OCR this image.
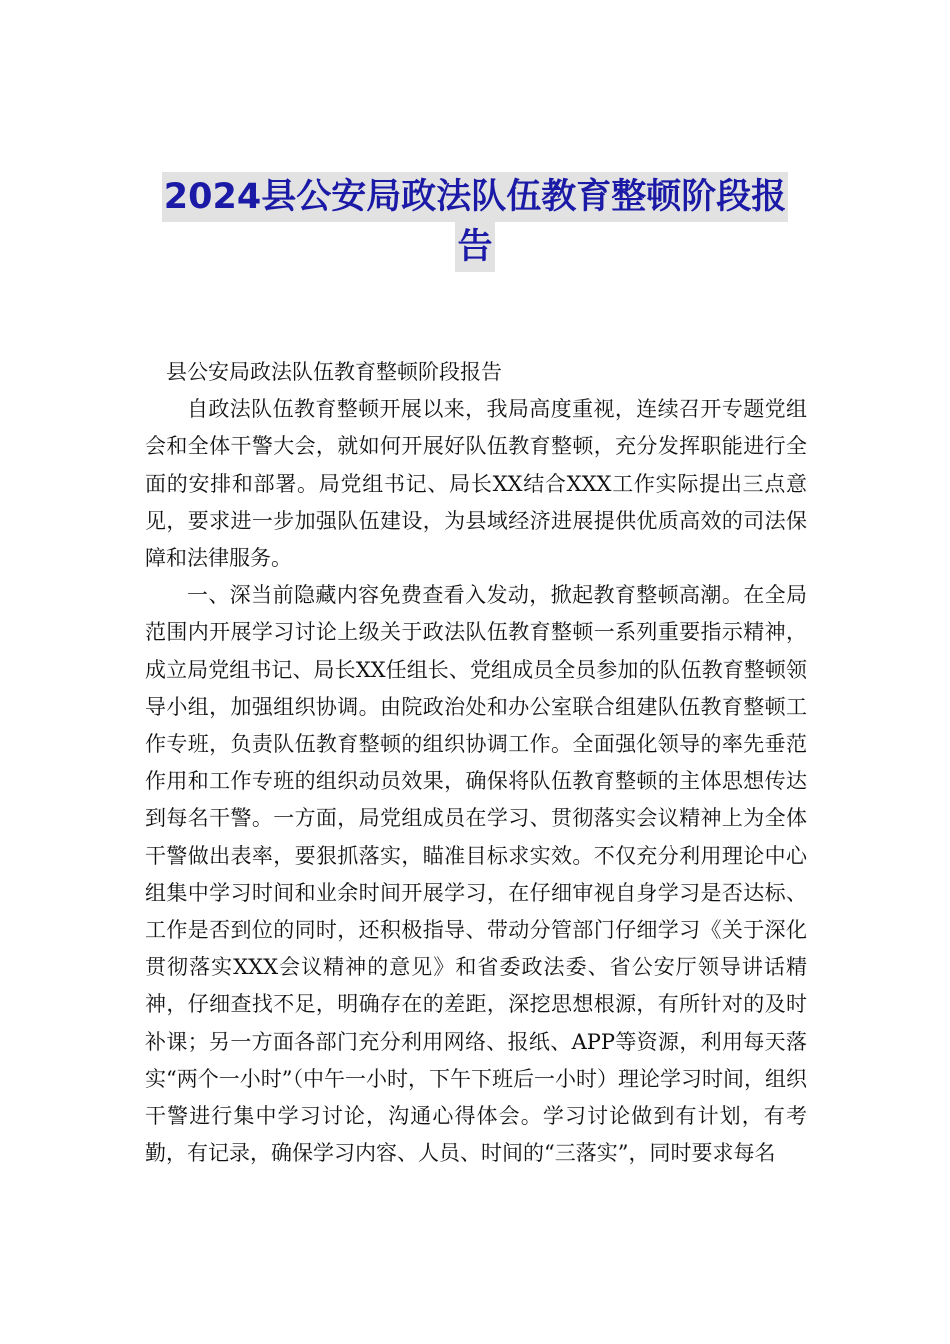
2024县公安局政法队伍教育整顿阶段报
告

县公安局政法队伍教育整顿阶段报告

自政法队伍教育整顿开展以来，我局高度重视，连续召开专题党组会和全体干警大会，就如何开展好队伍教育整顿，充分发挥职能进行全面的安排和部署。局党组书记、局长XX结合XXX工作实际提出三点意见，要求进一步加强队伍建设，为县域经济进展提供优质高效的司法保障和法律服务。

一、深当前隐藏内容免费查看入发动，掀起教育整顿高潮。在全局范围内开展学习讨论上级关于政法队伍教育整顿一系列重要指示精神，成立局党组书记、局长XX任组长、党组成员全员参加的队伍教育整顿领导小组，加强组织协调。由院政治处和办公室联合组建队伍教育整顿工作专班，负责队伍教育整顿的组织协调工作。全面强化领导的率先垂范作用和工作专班的组织动员效果，确保将队伍教育整顿的主体思想传达到每名干警。一方面，局党组成员在学习、贯彻落实会议精神上为全体干警做出表率，要狠抓落实，瞄准目标求实效。不仅充分利用理论中心组集中学习时间和业余时间开展学习，在仔细审视自身学习是否达标、工作是否到位的同时，还积极指导、带动分管部门仔细学习《关于深化贯彻落实XXX会议精神的意见》和省委政法委、省公安厅领导讲话精神，仔细查找不足，明确存在的差距，深挖思想根源，有所针对的及时补课；另一方面各部门充分利用网络、报纸、APP等资源，利用每天落实“两个一小时”（中午一小时，下午下班后一小时）理论学习时间，组织干警进行集中学习讨论，沟通心得体会。学习讨论做到有计划，有考勤，有记录，确保学习内容、人员、时间的“三落实”，同时要求每名
